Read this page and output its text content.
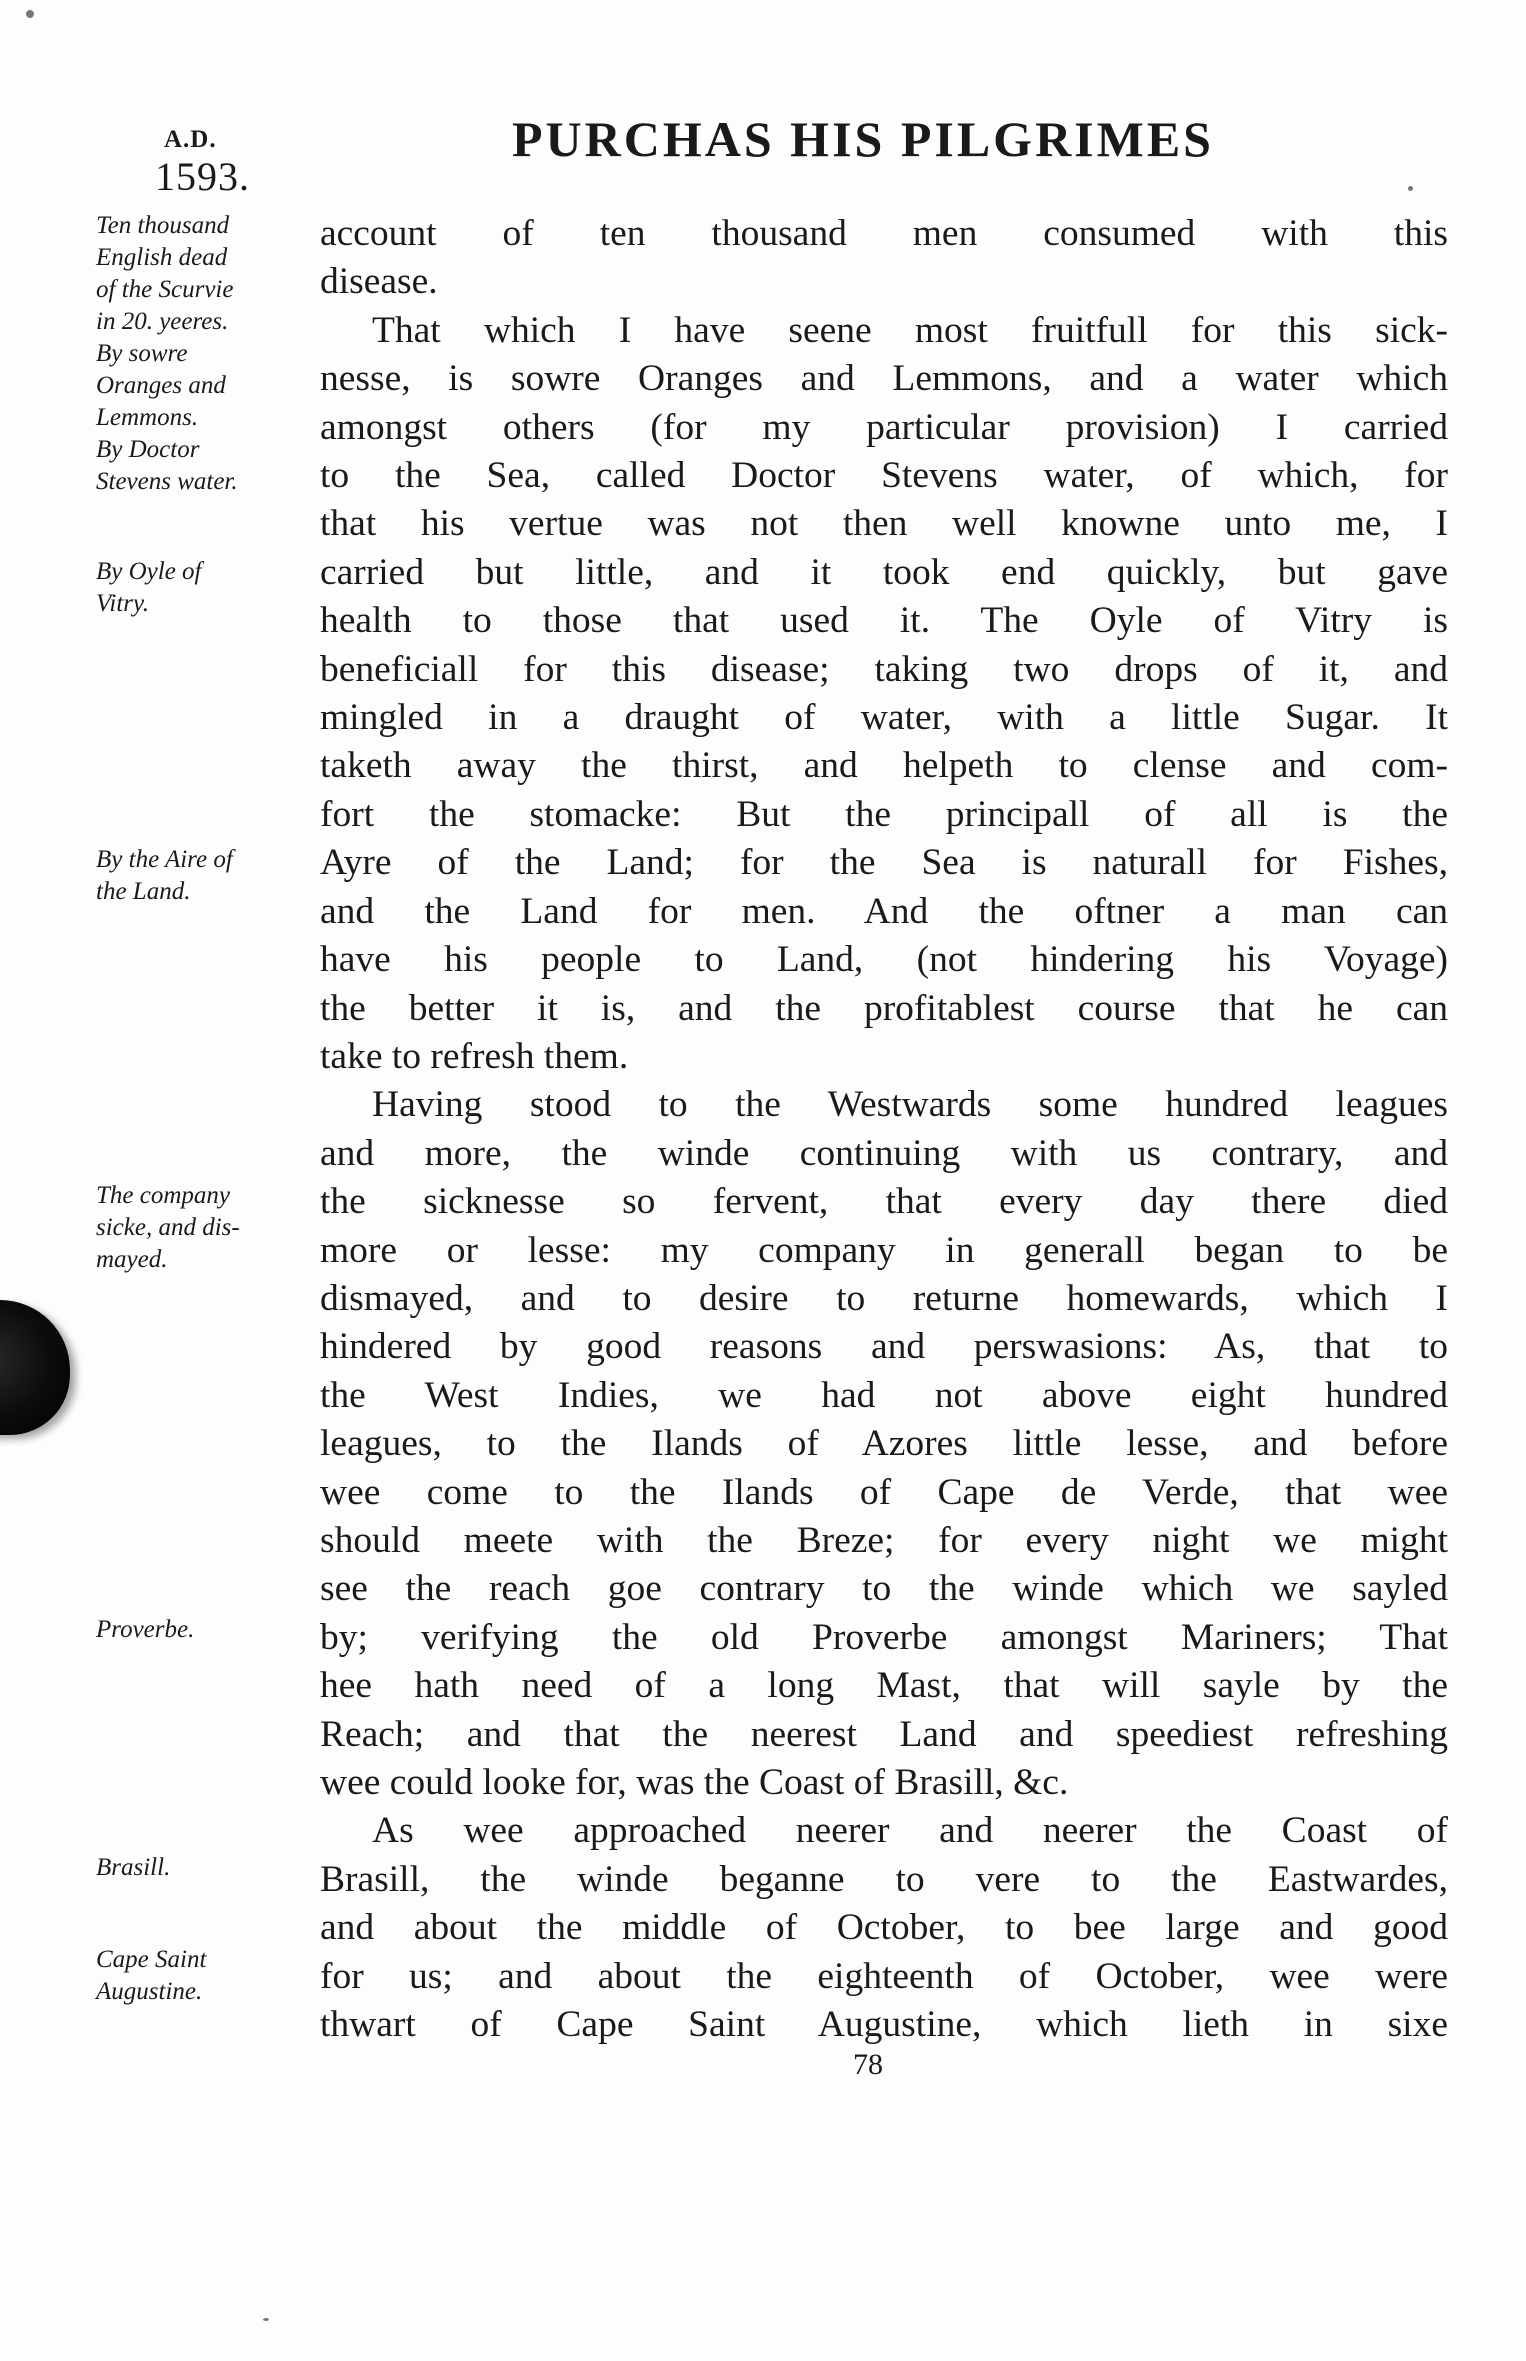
A.D.
1593.
PURCHAS HIS PILGRIMES
Ten thousand
English dead
of the Scurvie
in 20. yeeres.
By sowre
Oranges and
Lemmons.
By Doctor
Stevens water.
By Oyle of
Vitry.
By the Aire of
the Land.
The company
sicke, and dis-
mayed.
Proverbe.
Brasill.
Cape Saint
Augustine.
account of ten thousand men consumed with this
disease.
That which I have seene most fruitfull for this sick-
nesse, is sowre Oranges and Lemmons, and a water which
amongst others (for my particular provision) I carried
to the Sea, called Doctor Stevens water, of which, for
that his vertue was not then well knowne unto me, I
carried but little, and it took end quickly, but gave
health to those that used it. The Oyle of Vitry is
beneficiall for this disease; taking two drops of it, and
mingled in a draught of water, with a little Sugar. It
taketh away the thirst, and helpeth to clense and com-
fort the stomacke: But the principall of all is the
Ayre of the Land; for the Sea is naturall for Fishes,
and the Land for men. And the oftner a man can
have his people to Land, (not hindering his Voyage)
the better it is, and the profitablest course that he can
take to refresh them.
Having stood to the Westwards some hundred leagues
and more, the winde continuing with us contrary, and
the sicknesse so fervent, that every day there died
more or lesse: my company in generall began to be
dismayed, and to desire to returne homewards, which I
hindered by good reasons and perswasions: As, that to
the West Indies, we had not above eight hundred
leagues, to the Ilands of Azores little lesse, and before
wee come to the Ilands of Cape de Verde, that wee
should meete with the Breze; for every night we might
see the reach goe contrary to the winde which we sayled
by; verifying the old Proverbe amongst Mariners; That
hee hath need of a long Mast, that will sayle by the
Reach; and that the neerest Land and speediest refreshing
wee could looke for, was the Coast of Brasill, &c.
As wee approached neerer and neerer the Coast of
Brasill, the winde beganne to vere to the Eastwardes,
and about the middle of October, to bee large and good
for us; and about the eighteenth of October, wee were
thwart of Cape Saint Augustine, which lieth in sixe
78
